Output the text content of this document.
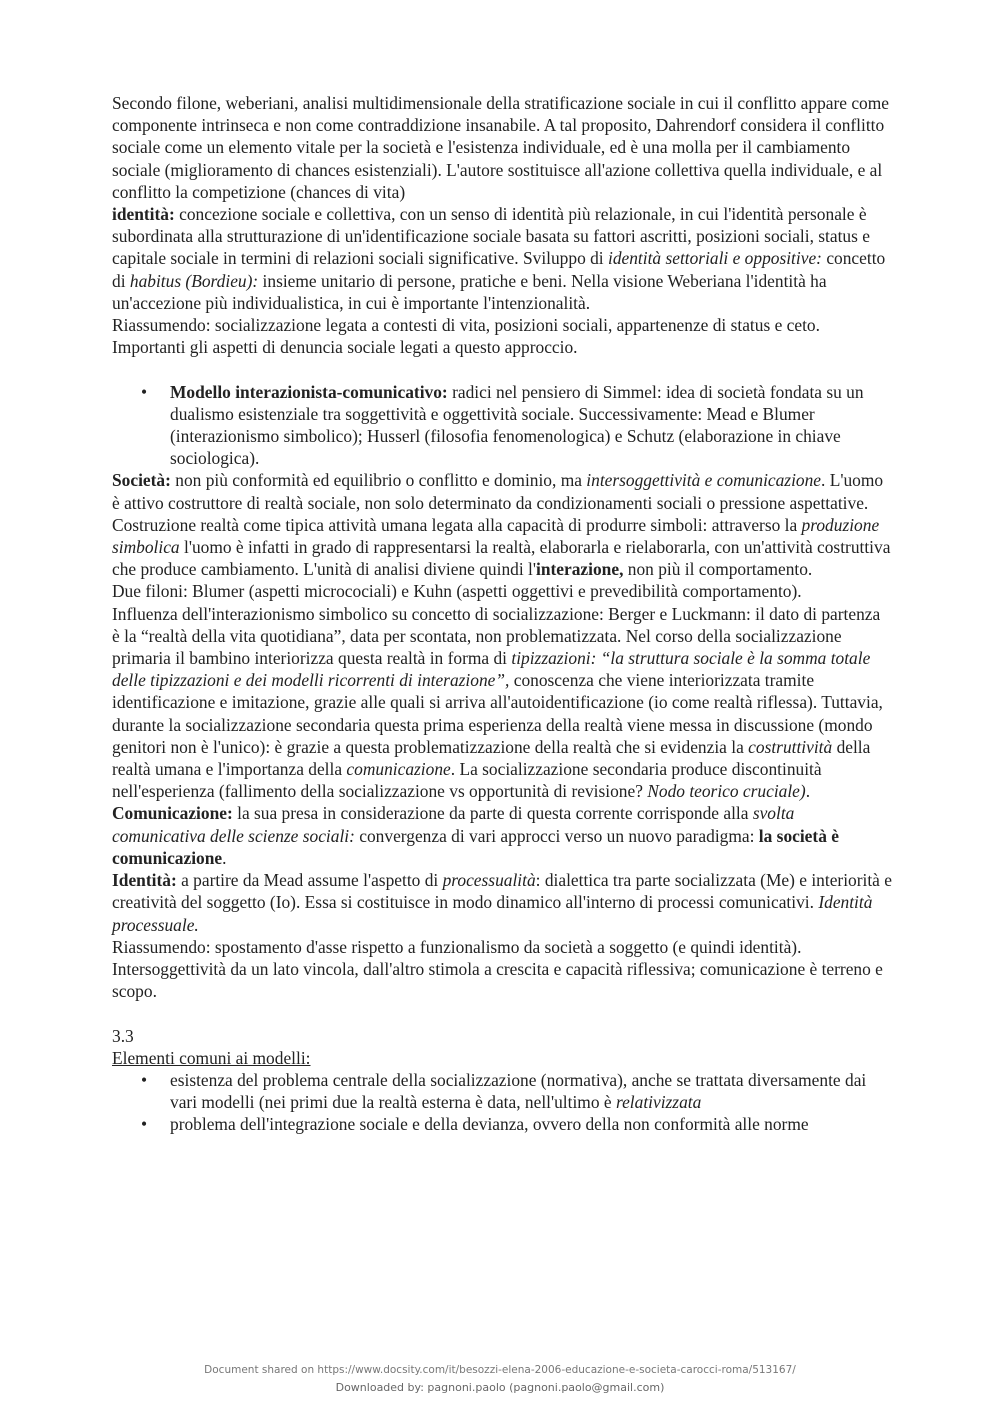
Secondo filone, weberiani, analisi multidimensionale della stratificazione sociale in cui il conflitto appare come componente intrinseca e non come contraddizione insanabile. A tal proposito, Dahrendorf considera il conflitto sociale come un elemento vitale per la società e l'esistenza individuale, ed è una molla per il cambiamento sociale (miglioramento di chances esistenziali). L'autore sostituisce all'azione collettiva quella individuale, e al conflitto la competizione (chances di vita)

identità: concezione sociale e collettiva, con un senso di identità più relazionale, in cui l'identità personale è subordinata alla strutturazione di un'identificazione sociale basata su fattori ascritti, posizioni sociali, status e capitale sociale in termini di relazioni sociali significative. Sviluppo di identità settoriali e oppositive: concetto di habitus (Bordieu): insieme unitario di persone, pratiche e beni. Nella visione Weberiana l'identità ha un'accezione più individualistica, in cui è importante l'intenzionalità.

Riassumendo: socializzazione legata a contesti di vita, posizioni sociali, appartenenze di status e ceto. Importanti gli aspetti di denuncia sociale legati a questo approccio.

• Modello interazionista-comunicativo: radici nel pensiero di Simmel: idea di società fondata su un dualismo esistenziale tra soggettività e oggettività sociale. Successivamente: Mead e Blumer (interazionismo simbolico); Husserl (filosofia fenomenologica) e Schutz (elaborazione in chiave sociologica).

Società: non più conformità ed equilibrio o conflitto e dominio, ma intersoggettività e comunicazione. L'uomo è attivo costruttore di realtà sociale, non solo determinato da condizionamenti sociali o pressione aspettative. Costruzione realtà come tipica attività umana legata alla capacità di produrre simboli: attraverso la produzione simbolica l'uomo è infatti in grado di rappresentarsi la realtà, elaborarla e rielaborarla, con un'attività costruttiva che produce cambiamento. L'unità di analisi diviene quindi l'interazione, non più il comportamento.

Due filoni: Blumer (aspetti microcociali) e Kuhn (aspetti oggettivi e prevedibilità comportamento).

Influenza dell'interazionismo simbolico su concetto di socializzazione: Berger e Luckmann: il dato di partenza è la “realtà della vita quotidiana”, data per scontata, non problematizzata. Nel corso della socializzazione primaria il bambino interiorizza questa realtà in forma di tipizzazioni: “la struttura sociale è la somma totale delle tipizzazioni e dei modelli ricorrenti di interazione”, conoscenza che viene interiorizzata tramite identificazione e imitazione, grazie alle quali si arriva all'autoidentificazione (io come realtà riflessa). Tuttavia, durante la socializzazione secondaria questa prima esperienza della realtà viene messa in discussione (mondo genitori non è l'unico): è grazie a questa problematizzazione della realtà che si evidenzia la costruttività della realtà umana e l'importanza della comunicazione. La socializzazione secondaria produce discontinuità nell'esperienza (fallimento della socializzazione vs opportunità di revisione? Nodo teorico cruciale).

Comunicazione: la sua presa in considerazione da parte di questa corrente corrisponde alla svolta comunicativa delle scienze sociali: convergenza di vari approcci verso un nuovo paradigma: la società è comunicazione.

Identità: a partire da Mead assume l'aspetto di processualità: dialettica tra parte socializzata (Me) e interiorità e creatività del soggetto (Io). Essa si costituisce in modo dinamico all'interno di processi comunicativi. Identità processuale.

Riassumendo: spostamento d'asse rispetto a funzionalismo da società a soggetto (e quindi identità). Intersoggettività da un lato vincola, dall'altro stimola a crescita e capacità riflessiva; comunicazione è terreno e scopo.

3.3

Elementi comuni ai modelli:

• esistenza del problema centrale della socializzazione (normativa), anche se trattata diversamente dai vari modelli (nei primi due la realtà esterna è data, nell'ultimo è relativizzata
• problema dell'integrazione sociale e della devianza, ovvero della non conformità alle norme
Document shared on https://www.docsity.com/it/besozzi-elena-2006-educazione-e-societa-carocci-roma/513167/
Downloaded by: pagnoni.paolo (pagnoni.paolo@gmail.com)
